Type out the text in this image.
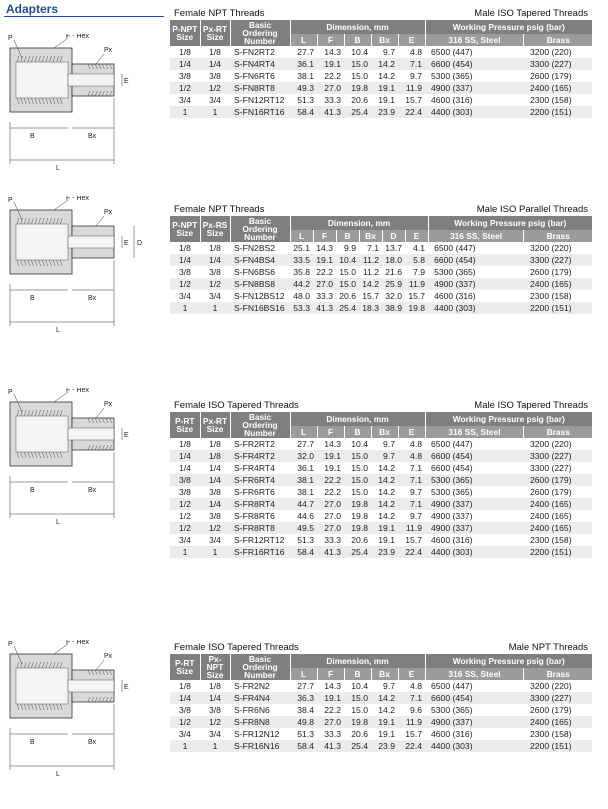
Adapters
P	F - Hex
Px
E
B	Bx
L
Female NPT Threads	Male ISO Tapered Threads
P-NPT Size	Px-RT Size	Basic Ordering Number	Dimension, mm					Working Pressure psig (bar)	
			L	F	B	Bx	E	316 SS, Steel	Brass
1/8	1/8	S-FN2RT2	27.7	14.3	10.4	9.7	4.8	6500 (447)	3200 (220)
1/4	1/4	S-FN4RT4	36.1	19.1	15.0	14.2	7.1	6600 (454)	3300 (227)
3/8	3/8	S-FN6RT6	38.1	22.2	15.0	14.2	9.7	5300 (365)	2600 (179)
1/2	1/2	S-FN8RT8	49.3	27.0	19.8	19.1	11.9	4900 (337)	2400 (165)
3/4	3/4	S-FN12RT12	51.3	33.3	20.6	19.1	15.7	4600 (316)	2300 (158)
1	1	S-FN16RT16	58.4	41.3	25.4	23.9	22.4	4400 (303)	2200 (151)
P	F - Hex
Px
E D
B	Bx
L
Female NPT Threads	Male ISO Parallel Threads
P-NPT Size	Px-RS Size	Basic Ordering Number	Dimension, mm						Working Pressure psig (bar)	
			L	F	B	Bx	D	E	316 SS, Steel	Brass
1/8	1/8	S-FN2BS2	25.1	14.3	9.9	7.1	13.7	4.1	6500 (447)	3200 (220)
1/4	1/4	S-FN4BS4	33.5	19.1	10.4	11.2	18.0	5.8	6600 (454)	3300 (227)
3/8	3/8	S-FN6BS6	35.8	22.2	15.0	11.2	21.6	7.9	5300 (365)	2600 (179)
1/2	1/2	S-FN8BS8	44.2	27.0	15.0	14.2	25.9	11.9	4900 (337)	2400 (165)
3/4	3/4	S-FN12BS12	48.0	33.3	20.6	15.7	32.0	15.7	4600 (316)	2300 (158)
1	1	S-FN16BS16	53.3	41.3	25.4	18.3	38.9	19.8	4400 (303)	2200 (151)
P	F - Hex
Px
E
B	Bx
L
Female ISO Tapered Threads	Male ISO Tapered Threads
P-RT Size	Px-RT Size	Basic Ordering Number	Dimension, mm					Working Pressure psig (bar)	
			L	F	B	Bx	E	316 SS, Steel	Brass
1/8	1/8	S-FR2RT2	27.7	14.3	10.4	9.7	4.8	6500 (447)	3200 (220)
1/4	1/8	S-FR4RT2	32.0	19.1	15.0	9.7	4.8	6600 (454)	3300 (227)
1/4	1/4	S-FR4RT4	36.1	19.1	15.0	14.2	7.1	6600 (454)	3300 (227)
3/8	1/4	S-FR6RT4	38.1	22.2	15.0	14.2	7.1	5300 (365)	2600 (179)
3/8	3/8	S-FR6RT6	38.1	22.2	15.0	14.2	9.7	5300 (365)	2600 (179)
1/2	1/4	S-FR8RT4	44.7	27.0	19.8	14.2	7.1	4900 (337)	2400 (165)
1/2	3/8	S-FR8RT6	44.6	27.0	19.8	14.2	9.7	4900 (337)	2400 (165)
1/2	1/2	S-FR8RT8	49.5	27.0	19.8	19.1	11.9	4900 (337)	2400 (165)
3/4	3/4	S-FR12RT12	51.3	33.3	20.6	19.1	15.7	4600 (316)	2300 (158)
1	1	S-FR16RT16	58.4	41.3	25.4	23.9	22.4	4400 (303)	2200 (151)
P	F - Hex
Px
E
B	Bx
L
Female ISO Tapered Threads	Male NPT Threads
P-RT Size	Px-NPT Size	Basic Ordering Number	Dimension, mm					Working Pressure psig (bar)	
			L	F	B	Bx	E	316 SS, Steel	Brass
1/8	1/8	S-FR2N2	27.7	14.3	10.4	9.7	4.8	6500 (447)	3200 (220)
1/4	1/4	S-FR4N4	36.3	19.1	15.0	14.2	7.1	6600 (454)	3300 (227)
3/8	3/8	S-FR6N6	38.4	22.2	15.0	14.2	9.6	5300 (365)	2600 (179)
1/2	1/2	S-FR8N8	49.8	27.0	19.8	19.1	11.9	4900 (337)	2400 (165)
3/4	3/4	S-FR12N12	51.3	33.3	20.6	19.1	15.7	4600 (316)	2300 (158)
1	1	S-FR16N16	58.4	41.3	25.4	23.9	22.4	4400 (303)	2200 (151)
